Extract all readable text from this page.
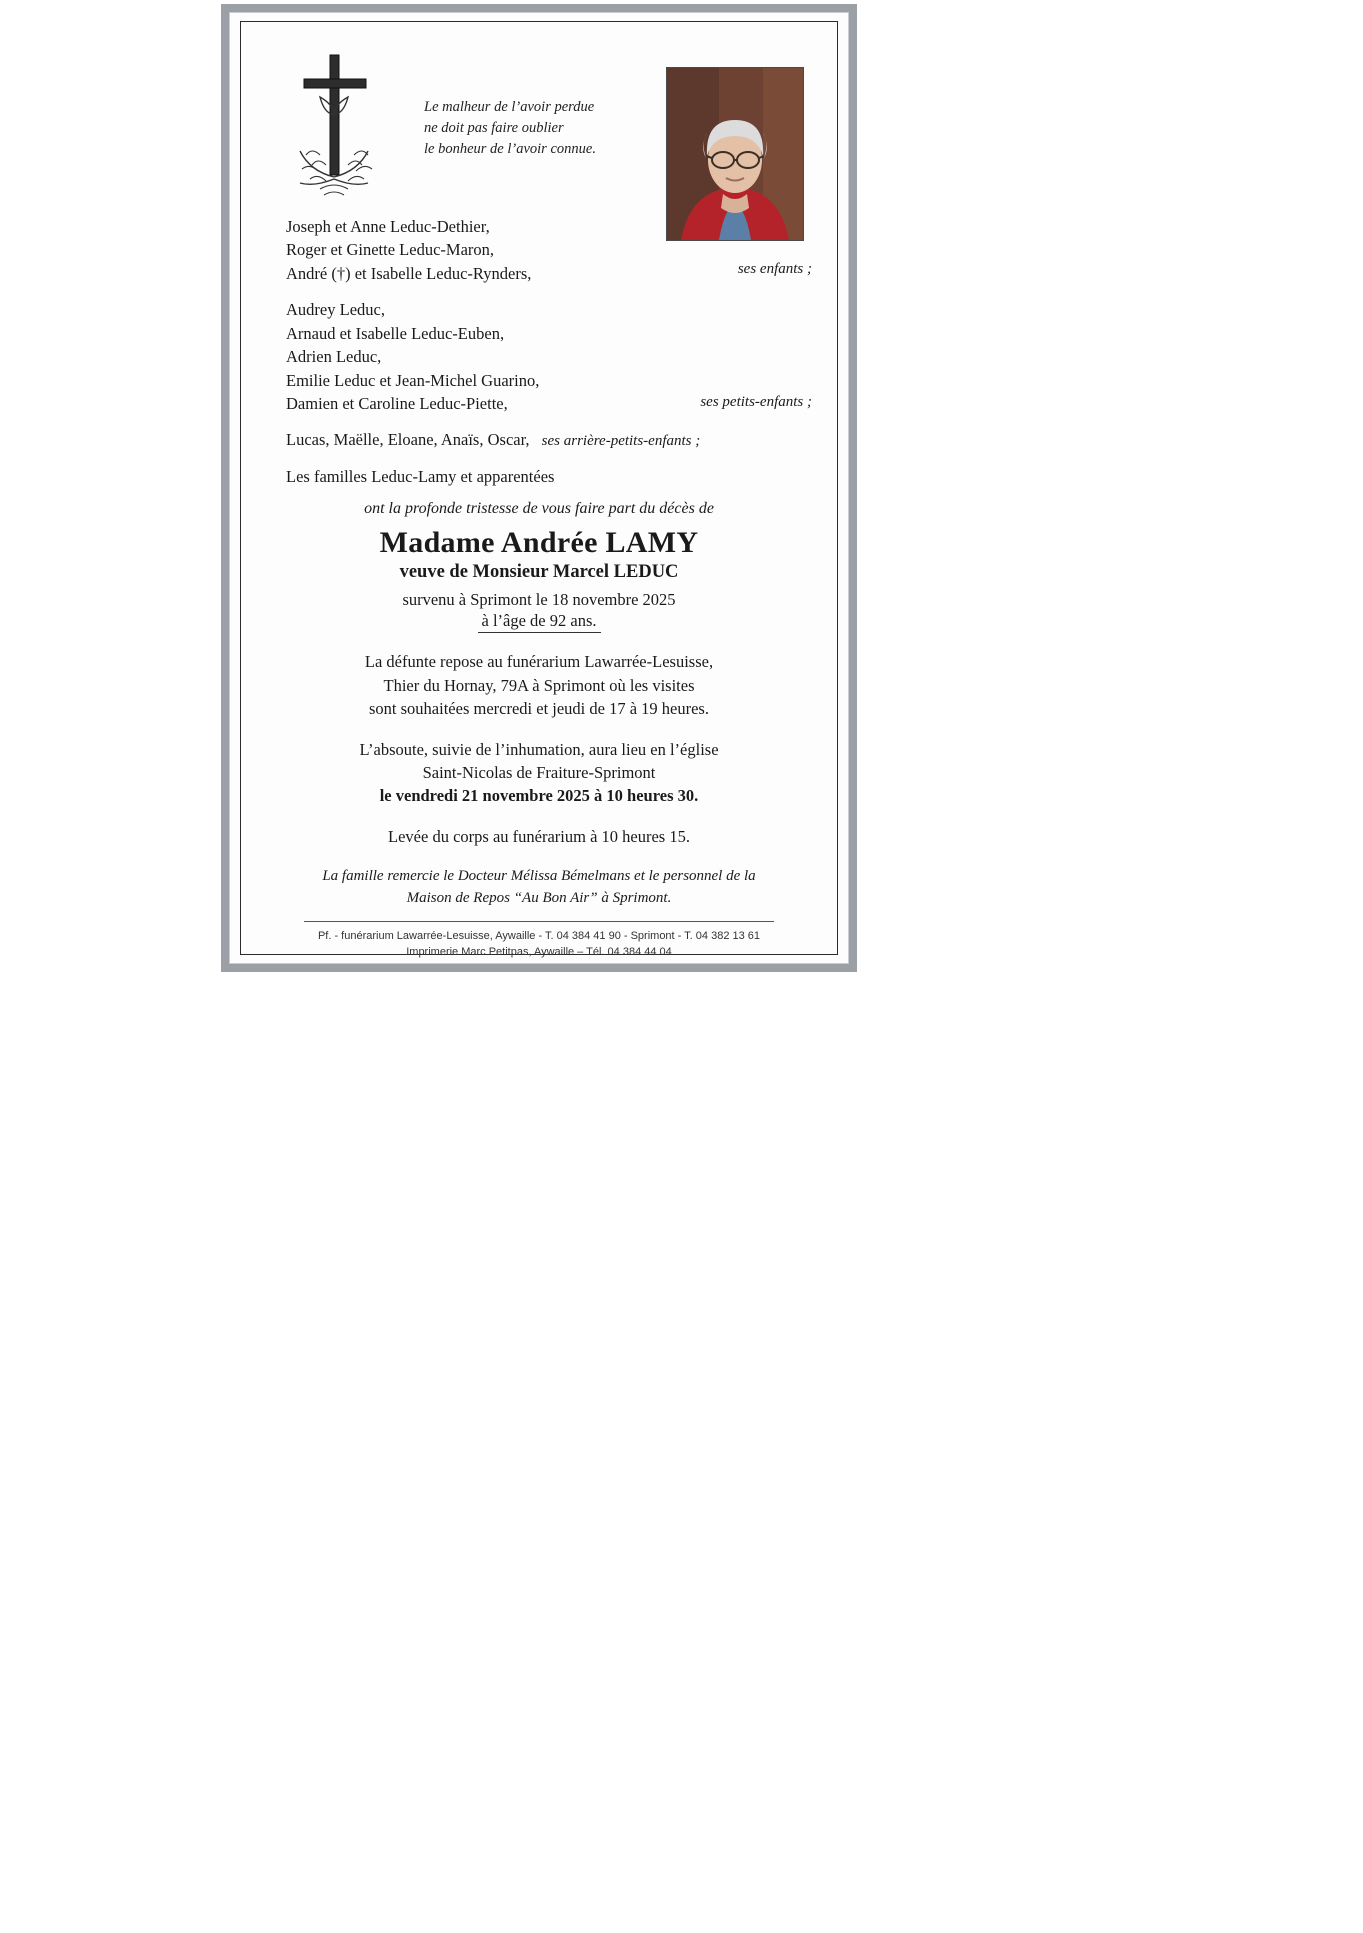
Le malheur de l’avoir perdue
ne doit pas faire oublier
le bonheur de l’avoir connue.
Joseph et Anne Leduc-Dethier,
Roger et Ginette Leduc-Maron,
André (†) et Isabelle Leduc-Rynders,	ses enfants ;
Audrey Leduc,
Arnaud et Isabelle Leduc-Euben,
Adrien Leduc,
Emilie Leduc et Jean-Michel Guarino,
Damien et Caroline Leduc-Piette,	ses petits-enfants ;
Lucas, Maëlle, Eloane, Anaïs, Oscar, ses arrière-petits-enfants ;
Les familles Leduc-Lamy et apparentées
ont la profonde tristesse de vous faire part du décès de
Madame Andrée LAMY
veuve de Monsieur Marcel LEDUC
survenu à Sprimont le 18 novembre 2025
à l’âge de 92 ans.
La défunte repose au funérarium Lawarrée-Lesuisse,
Thier du Hornay, 79A à Sprimont où les visites
sont souhaitées mercredi et jeudi de 17 à 19 heures.
L’absoute, suivie de l’inhumation, aura lieu en l’église
Saint-Nicolas de Fraiture-Sprimont
le vendredi 21 novembre 2025 à 10 heures 30.
Levée du corps au funérarium à 10 heures 15.
La famille remercie le Docteur Mélissa Bémelmans et le personnel de la
Maison de Repos “Au Bon Air” à Sprimont.
Pf. - funérarium Lawarrée-Lesuisse, Aywaille - T. 04 384 41 90 - Sprimont - T. 04 382 13 61
Imprimerie Marc Petitpas, Aywaille – Tél. 04 384 44 04
